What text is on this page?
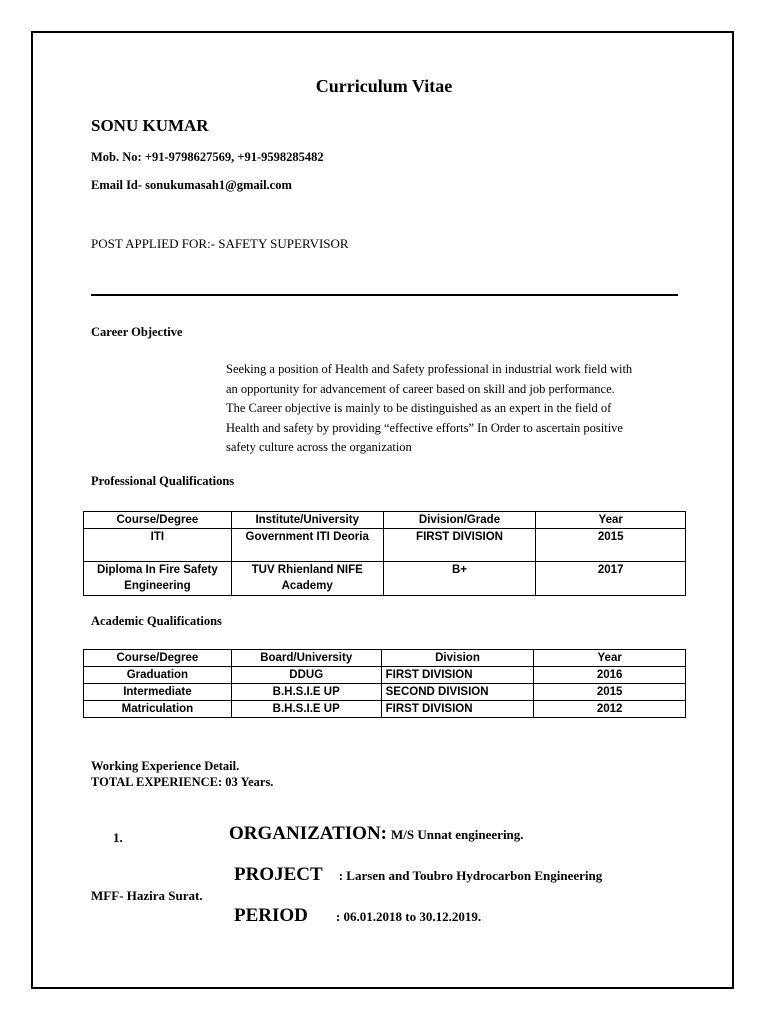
Curriculum Vitae
SONU KUMAR
Mob. No: +91-9798627569, +91-9598285482
Email Id- sonukumasah1@gmail.com
POST APPLIED FOR:- SAFETY SUPERVISOR
Career Objective
Seeking a position of Health and Safety professional in industrial work field with
an opportunity for advancement of career based on skill and job performance.
The Career objective is mainly to be distinguished as an expert in the field of
Health and safety by providing “effective efforts” In Order to ascertain positive
safety culture across the organization
Professional Qualifications
Course/Degree	Institute/University	Division/Grade	Year
ITI	Government ITI Deoria	FIRST DIVISION	2015
Diploma In Fire Safety
Engineering	TUV Rhienland NIFE
Academy	B+	2017
Academic Qualifications
Course/Degree	Board/University	Division	Year
Graduation	DDUG	FIRST DIVISION	2016
Intermediate	B.H.S.I.E UP	SECOND DIVISION	2015
Matriculation	B.H.S.I.E UP	FIRST DIVISION	2012
Working Experience Detail.
TOTAL EXPERIENCE: 03 Years.
1.	ORGANIZATION: M/S Unnat engineering.
PROJECT : Larsen and Toubro Hydrocarbon Engineering
MFF- Hazira Surat.
PERIOD : 06.01.2018 to 30.12.2019.
